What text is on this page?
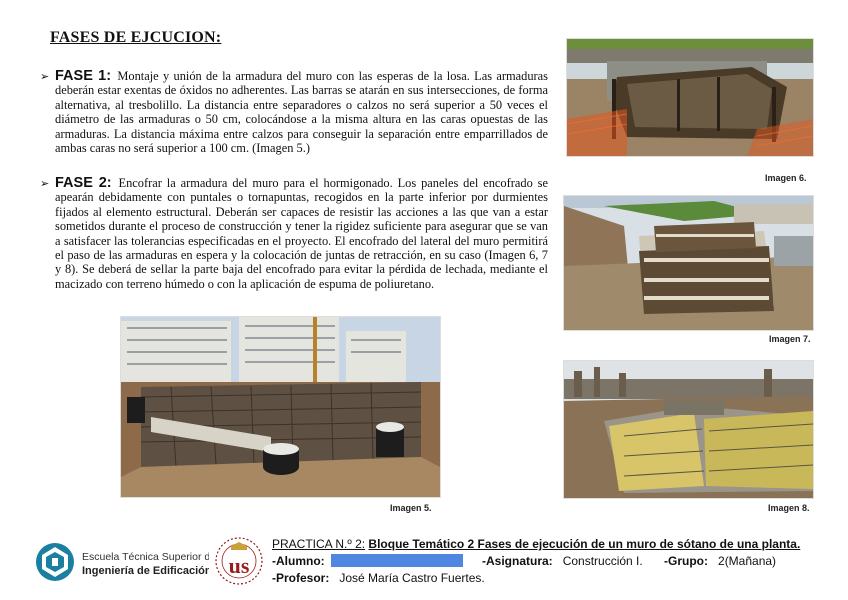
FASES DE EJCUCION:
➢ FASE 1: Montaje y unión de la armadura del muro con las esperas de la losa. Las armaduras deberán estar exentas de óxidos no adherentes. Las barras se atarán en sus intersecciones, de forma alternativa, al tresbolillo. La distancia entre separadores o calzos no será superior a 50 veces el diámetro de las armaduras o 50 cm, colocándose a la misma altura en las caras opuestas de las armaduras. La distancia máxima entre calzos para conseguir la separación entre emparrillados de ambas caras no será superior a 100 cm. (Imagen 5.)
➢ FASE 2: Encofrar la armadura del muro para el hormigonado. Los paneles del encofrado se apearán debidamente con puntales o tornapuntas, recogidos en la parte inferior por durmientes fijados al elemento estructural. Deberán ser capaces de resistir las acciones a las que van a estar sometidos durante el proceso de construcción y tener la rigidez suficiente para asegurar que se van a satisfacer las tolerancias especificadas en el proyecto. El encofrado del lateral del muro permitirá el paso de las armaduras en espera y la colocación de juntas de retracción, en su caso (Imagen 6, 7 y 8). Se deberá de sellar la parte baja del encofrado para evitar la pérdida de lechada, mediante el macizado con terreno húmedo o con la aplicación de espuma de poliuretano.
Imagen 6.
Imagen 7.
Imagen 8.
Imagen 5.
Escuela Técnica Superior de
Ingeniería de Edificación us
PRACTICA N.º 2: Bloque Temático 2 Fases de ejecución de un muro de sótano de una planta.
-Alumno:	-Asignatura: Construcción I. -Grupo: 2(Mañana)
-Profesor: José María Castro Fuertes.
